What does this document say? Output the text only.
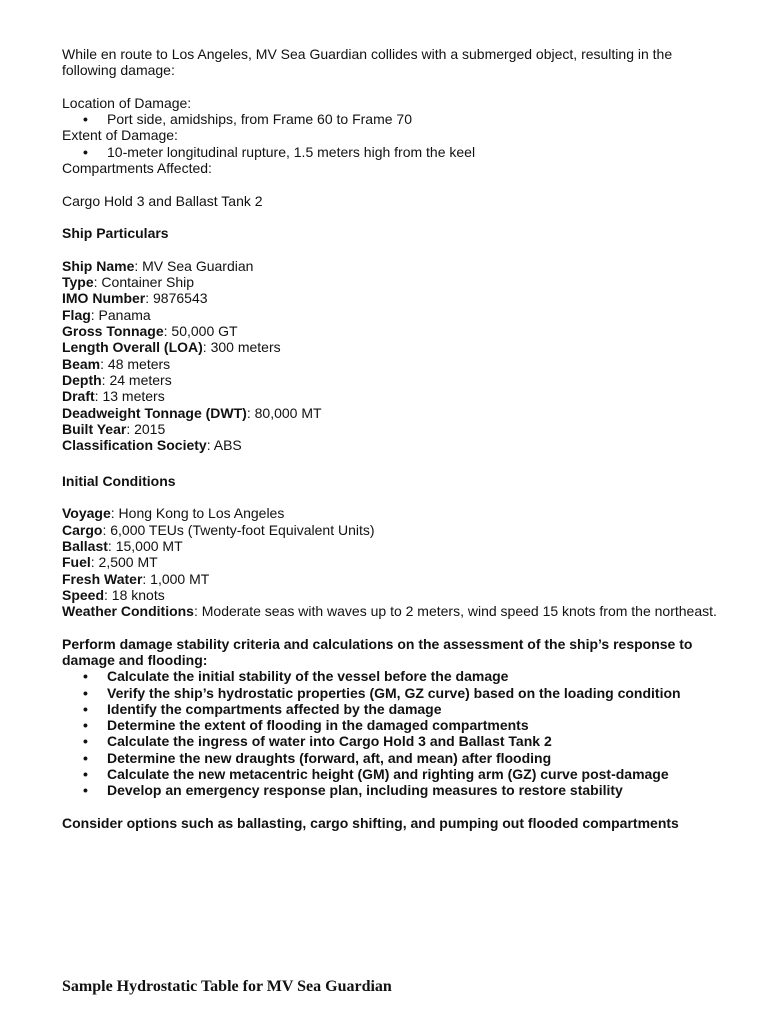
While en route to Los Angeles, MV Sea Guardian collides with a submerged object, resulting in the following damage:

Location of Damage:

• Port side, amidships, from Frame 60 to Frame 70

Extent of Damage:

• 10-meter longitudinal rupture, 1.5 meters high from the keel

Compartments Affected:

Cargo Hold 3 and Ballast Tank 2

Ship Particulars

Ship Name: MV Sea Guardian

Type: Container Ship

IMO Number: 9876543

Flag: Panama

Gross Tonnage: 50,000 GT

Length Overall (LOA): 300 meters

Beam: 48 meters

Depth: 24 meters

Draft: 13 meters

Deadweight Tonnage (DWT): 80,000 MT

Built Year: 2015

Classification Society: ABS

Initial Conditions

Voyage: Hong Kong to Los Angeles

Cargo: 6,000 TEUs (Twenty-foot Equivalent Units)

Ballast: 15,000 MT

Fuel: 2,500 MT

Fresh Water: 1,000 MT

Speed: 18 knots

Weather Conditions: Moderate seas with waves up to 2 meters, wind speed 15 knots from the northeast.

Perform damage stability criteria and calculations on the assessment of the ship’s response to damage and flooding:

• Calculate the initial stability of the vessel before the damage
• Verify the ship’s hydrostatic properties (GM, GZ curve) based on the loading condition
• Identify the compartments affected by the damage
• Determine the extent of flooding in the damaged compartments
• Calculate the ingress of water into Cargo Hold 3 and Ballast Tank 2
• Determine the new draughts (forward, aft, and mean) after flooding
• Calculate the new metacentric height (GM) and righting arm (GZ) curve post-damage
• Develop an emergency response plan, including measures to restore stability

Consider options such as ballasting, cargo shifting, and pumping out flooded compartments

Sample Hydrostatic Table for MV Sea Guardian
